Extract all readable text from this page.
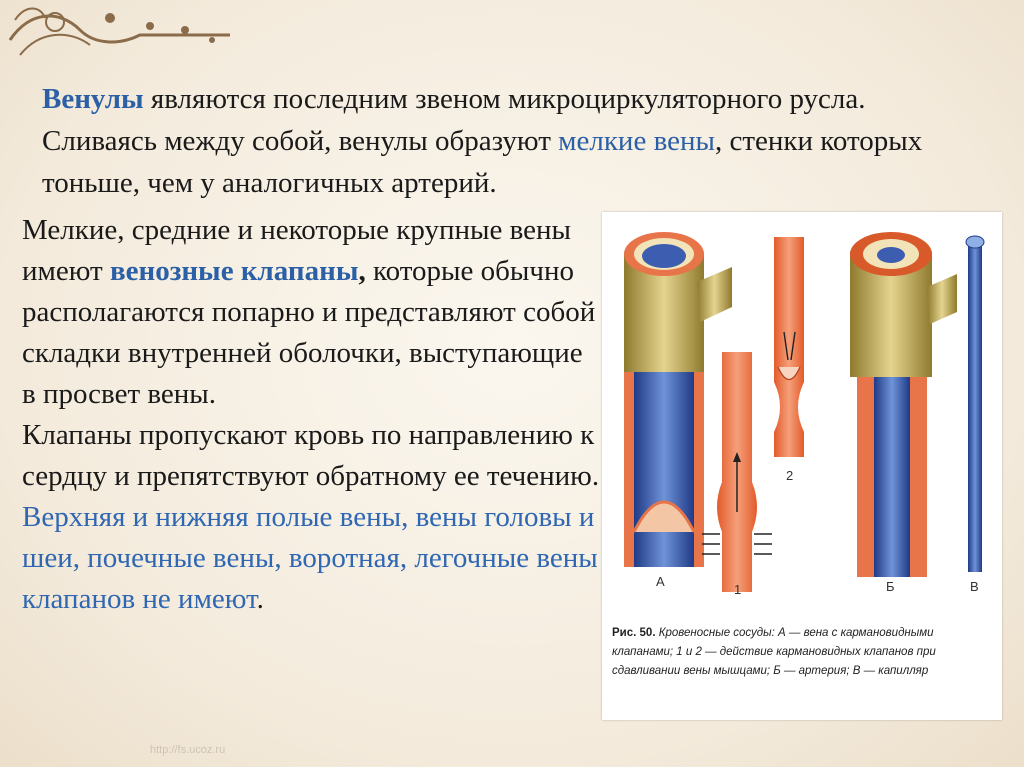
Венулы являются последним звеном микроциркуляторного русла. Сливаясь между собой, венулы образуют мелкие вены, стенки которых тоньше, чем у аналогичных артерий.

Мелкие, средние и некоторые крупные вены имеют венозные клапаны, которые обычно располагаются попарно и представляют собой складки внутренней оболочки, выступающие в просвет вены.

Клапаны пропускают кровь по направлению к сердцу и препятствуют обратному ее течению. Верхняя и нижняя полые вены, вены головы и шеи, почечные вены, воротная, легочные вены клапанов не имеют.

А
1
2
Б	В
Рис. 50. Кровеносные сосуды: А — вена с кармановидными клапанами; 1 и 2 — действие кармановидных клапанов при сдавливании вены мышцами; Б — артерия; В — капилляр
http://fs.ucoz.ru
